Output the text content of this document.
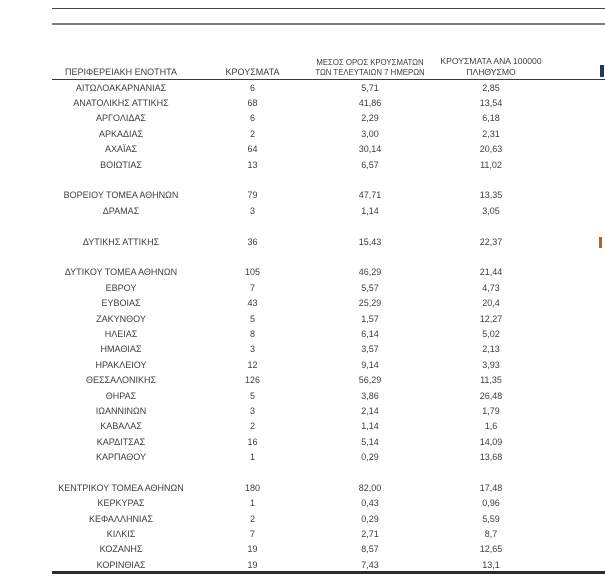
ΠΕΡΙΦΕΡΕΙΑΚΗ ΕΝΟΤΗΤΑ	ΚΡΟΥΣΜΑΤΑ
ΜΕΣΟΣ ΟΡΟΣ ΚΡΟΥΣΜΑΤΩΝ
ΤΩΝ ΤΕΛΕΥΤΑΙΩΝ 7 ΗΜΕΡΩΝ
ΚΡΟΥΣΜΑΤΑ ΑΝΑ 100000
ΠΛΗΘΥΣΜΟ
ΑΙΤΩΛΟΑΚΑΡΝΑΝΙΑΣ	6	5,71	2,85
ΑΝΑΤΟΛΙΚΗΣ ΑΤΤΙΚΗΣ	68	41,86	13,54
ΑΡΓΟΛΙΔΑΣ	6	2,29	6,18
ΑΡΚΑΔΙΑΣ	2	3,00	2,31
ΑΧΑΪΑΣ	64	30,14	20,63
ΒΟΙΩΤΙΑΣ	13	6,57	11,02
ΒΟΡΕΙΟΥ ΤΟΜΕΑ ΑΘΗΝΩΝ	79	47,71	13,35
ΔΡΑΜΑΣ	3	1,14	3,05
ΔΥΤΙΚΗΣ ΑΤΤΙΚΗΣ	36	15,43	22,37
ΔΥΤΙΚΟΥ ΤΟΜΕΑ ΑΘΗΝΩΝ	105	46,29	21,44
ΕΒΡΟΥ	7	5,57	4,73
ΕΥΒΟΙΑΣ	43	25,29	20,4
ΖΑΚΥΝΘΟΥ	5	1,57	12,27
ΗΛΕΙΑΣ	8	6,14	5,02
ΗΜΑΘΙΑΣ	3	3,57	2,13
ΗΡΑΚΛΕΙΟΥ	12	9,14	3,93
ΘΕΣΣΑΛΟΝΙΚΗΣ	126	56,29	11,35
ΘΗΡΑΣ	5	3,86	26,48
ΙΩΑΝΝΙΝΩΝ	3	2,14	1,79
ΚΑΒΑΛΑΣ	2	1,14	1,6
ΚΑΡΔΙΤΣΑΣ	16	5,14	14,09
ΚΑΡΠΑΘΟΥ	1	0,29	13,68
ΚΕΝΤΡΙΚΟΥ ΤΟΜΕΑ ΑΘΗΝΩΝ	180	82,00	17,48
ΚΕΡΚΥΡΑΣ	1	0,43	0,96
ΚΕΦΑΛΛΗΝΙΑΣ	2	0,29	5,59
ΚΙΛΚΙΣ	7	2,71	8,7
ΚΟΖΑΝΗΣ	19	8,57	12,65
ΚΟΡΙΝΘΙΑΣ	19	7,43	13,1
